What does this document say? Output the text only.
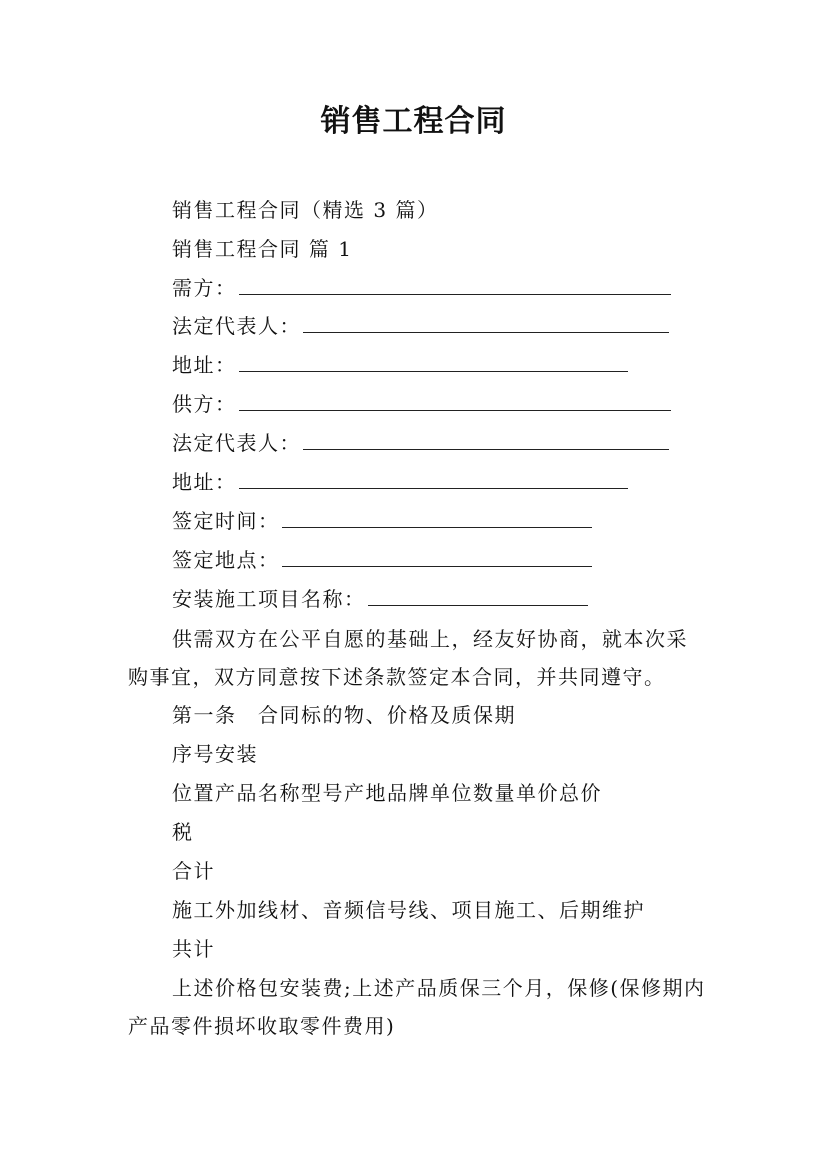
销售工程合同
销售工程合同（精选 3 篇）
销售工程合同 篇 1
需方：
法定代表人：
地址：
供方：
法定代表人：
地址：
签定时间：
签定地点：
安装施工项目名称：
供需双方在公平自愿的基础上，经友好协商，就本次采购事宜，双方同意按下述条款签定本合同，并共同遵守。
第一条　合同标的物、价格及质保期
序号安装
位置产品名称型号产地品牌单位数量单价总价
税
合计
施工外加线材、音频信号线、项目施工、后期维护
共计
上述价格包安装费;上述产品质保三个月，保修(保修期内产品零件损坏收取零件费用)
